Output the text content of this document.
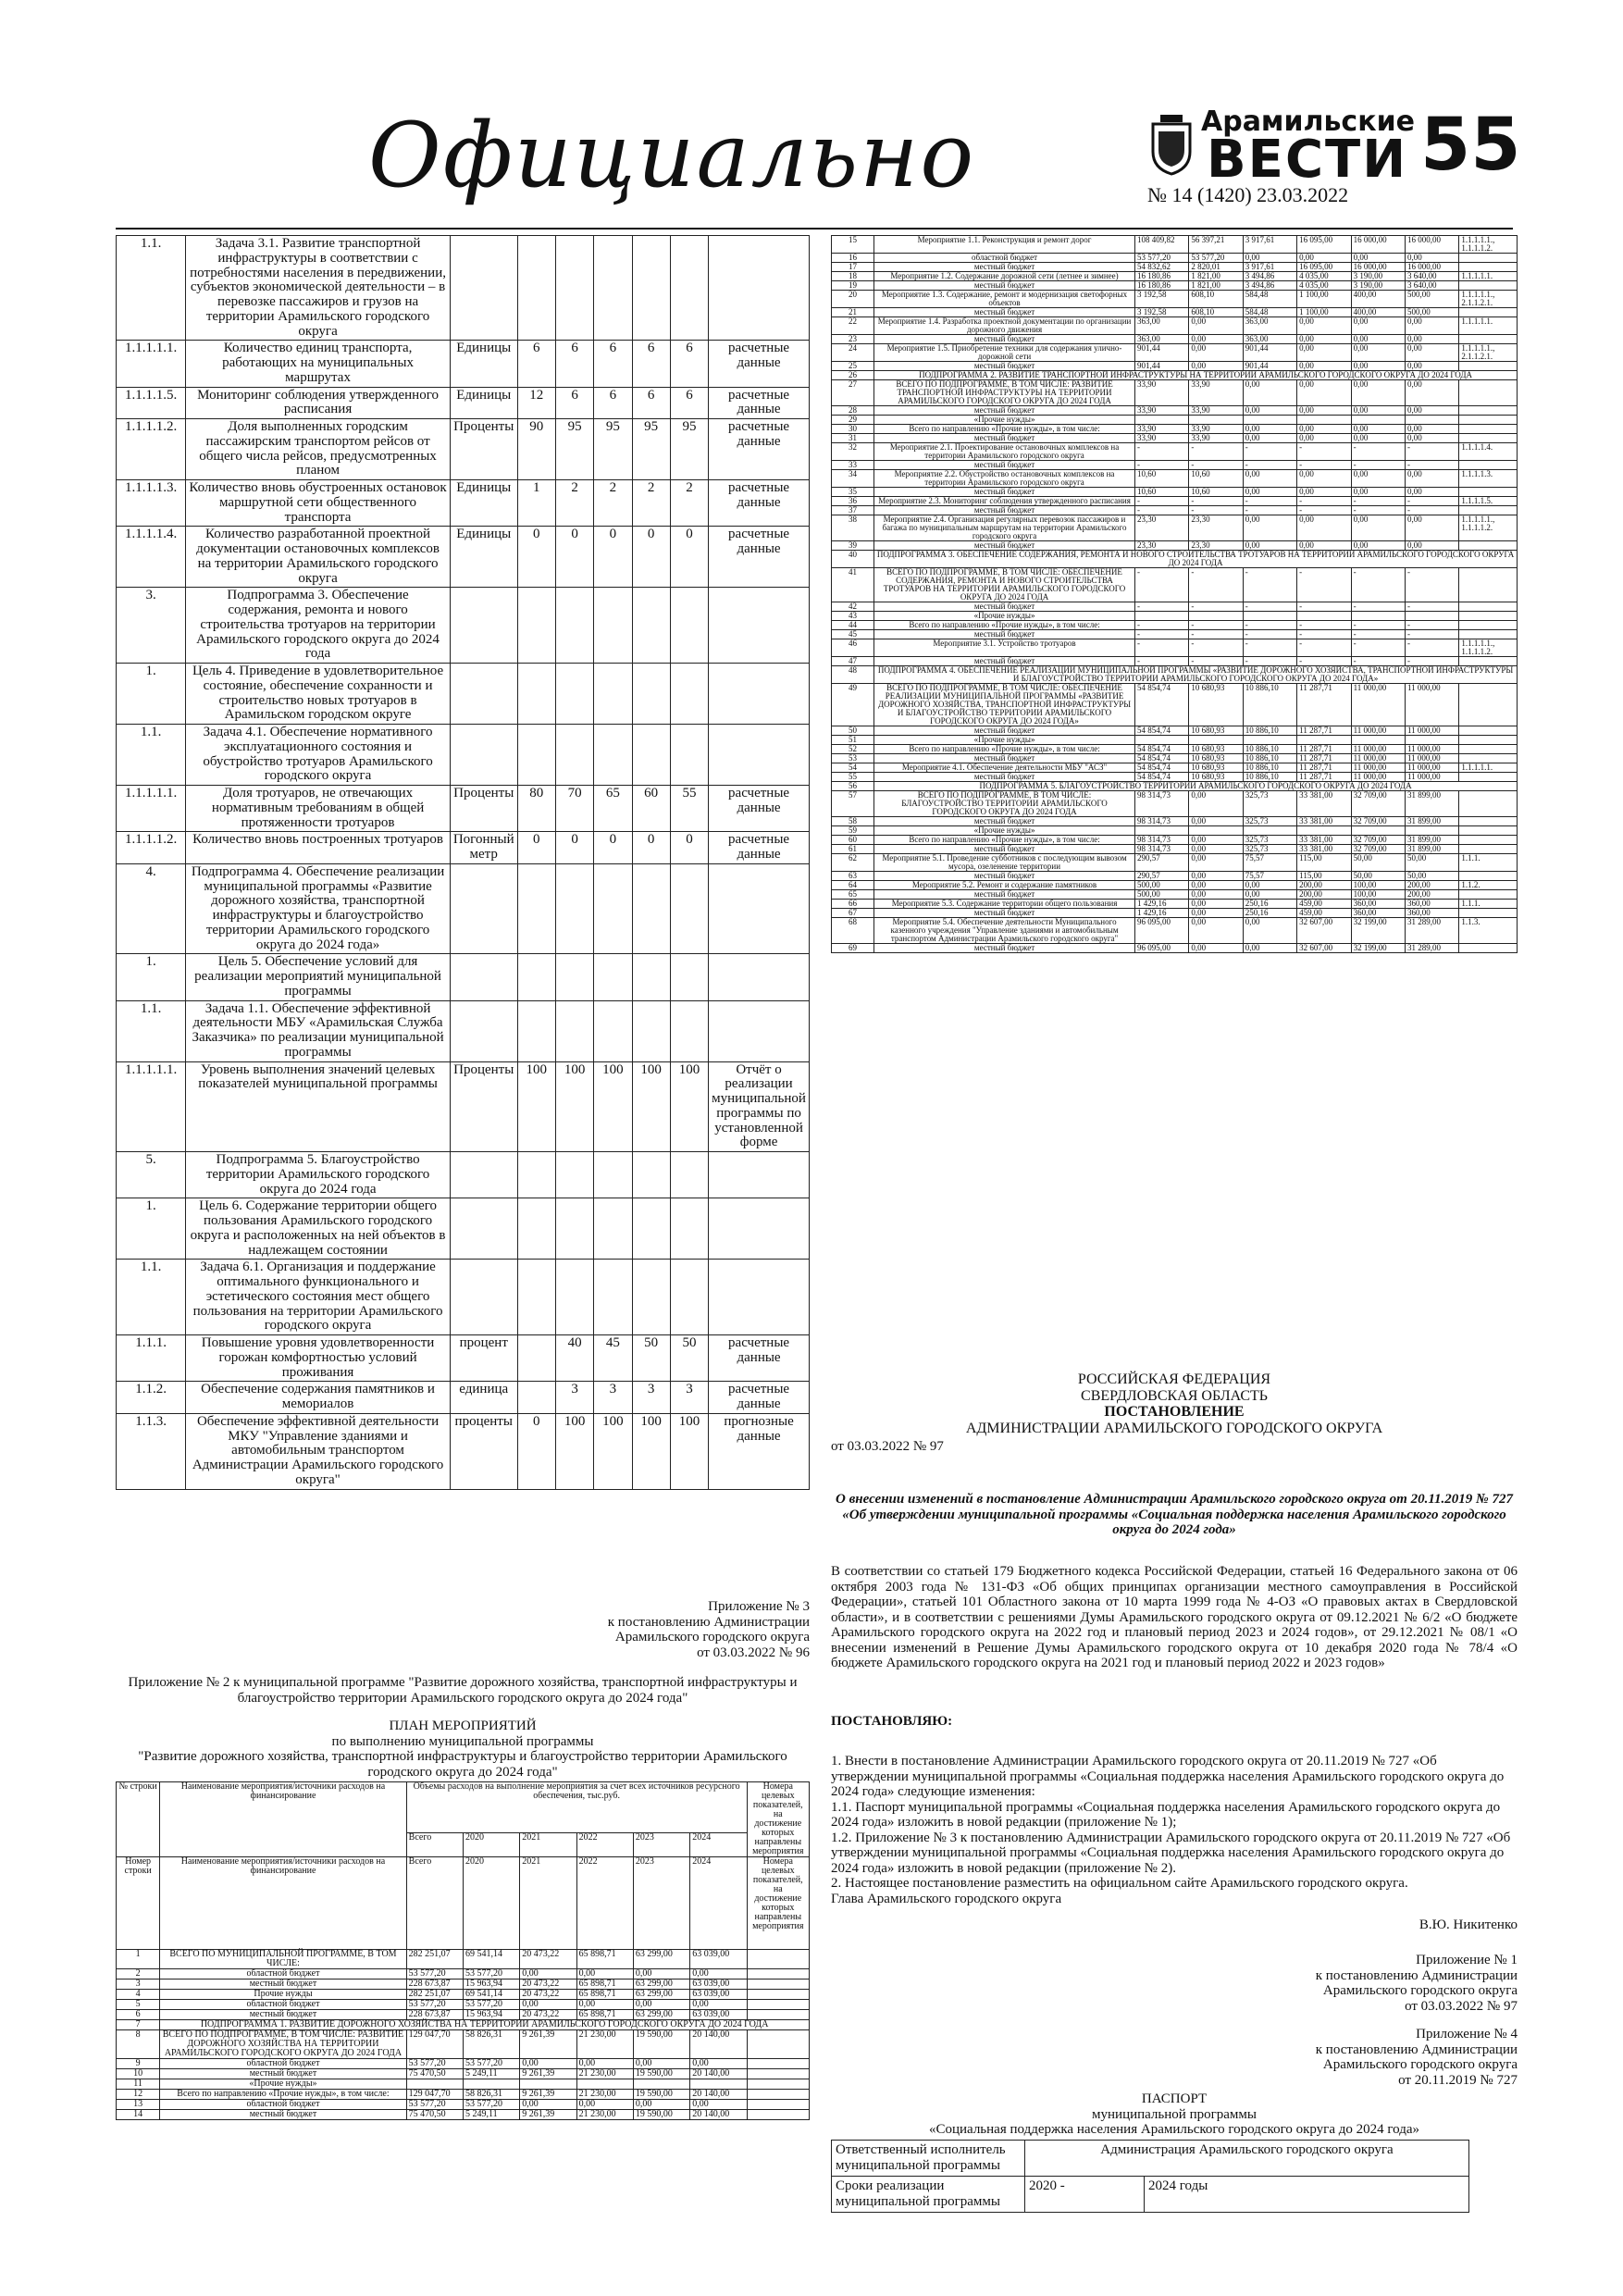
Официально	Арамильские
ВЕСТИ 55
№ 14 (1420) 23.03.2022
1.1.	Задача 3.1. Развитие транспортной инфраструктуры в соответствии с потребностями населения в передвижении, субъектов экономической деятельности – в перевозке пассажиров и грузов на территории Арамильского городского округа							
1.1.1.1.1.	Количество единиц транспорта, работающих на муниципальных маршрутах	Единицы	6	6	6	6	6	расчетные данные
1.1.1.1.5.	Мониторинг соблюдения утвержденного расписания	Единицы	12	6	6	6	6	расчетные данные
1.1.1.1.2.	Доля выполненных городским пассажирским транспортом рейсов от общего числа рейсов, предусмотренных планом	Проценты	90	95	95	95	95	расчетные данные
1.1.1.1.3.	Количество вновь обустроенных остановок маршрутной сети общественного транспорта	Единицы	1	2	2	2	2	расчетные данные
1.1.1.1.4.	Количество разработанной проектной документации остановочных комплексов на территории Арамильского городского округа	Единицы	0	0	0	0	0	расчетные данные
3.	Подпрограмма 3. Обеспечение содержания, ремонта и нового строительства тротуаров на территории Арамильского городского округа до 2024 года							
1.	Цель 4. Приведение в удовлетворительное состояние, обеспечение сохранности и строительство новых тротуаров в Арамильском городском округе							
1.1.	Задача 4.1. Обеспечение нормативного эксплуатационного состояния и обустройство тротуаров Арамильского городского округа							
1.1.1.1.1.	Доля тротуаров, не отвечающих нормативным требованиям в общей протяженности тротуаров	Проценты	80	70	65	60	55	расчетные данные
1.1.1.1.2.	Количество вновь построенных тротуаров	Погонный метр	0	0	0	0	0	расчетные данные
4.	Подпрограмма 4. Обеспечение реализации муниципальной программы «Развитие дорожного хозяйства, транспортной инфраструктуры и благоустройство территории Арамильского городского округа до 2024 года»							
1.	Цель 5. Обеспечение условий для реализации мероприятий муниципальной программы							
1.1.	Задача 1.1. Обеспечение эффективной деятельности МБУ «Арамильская Служба Заказчика» по реализации муниципальной программы							
1.1.1.1.1.	Уровень выполнения значений целевых показателей муниципальной программы	Проценты	100	100	100	100	100	Отчёт о реализации муниципальной программы по установленной форме
5.	Подпрограмма 5. Благоустройство территории Арамильского городского округа до 2024 года							
1.	Цель 6. Содержание территории общего пользования Арамильского городского округа и расположенных на ней объектов в надлежащем состоянии							
1.1.	Задача 6.1. Организация и поддержание оптимального функционального и эстетического состояния мест общего пользования на территории Арамильского городского округа							
1.1.1.	Повышение уровня удовлетворенности горожан комфортностью условий проживания	процент		40	45	50	50	расчетные данные
1.1.2.	Обеспечение содержания памятников и мемориалов	единица		3	3	3	3	расчетные данные
1.1.3.	Обеспечение эффективной деятельности МКУ "Управление зданиями и автомобильным транспортом Администрации Арамильского городского округа"	проценты	0	100	100	100	100	прогнозные данные
15	Мероприятие 1.1. Реконструкция и ремонт дорог	108 409,82	56 397,21	3 917,61	16 095,00	16 000,00	16 000,00	1.1.1.1.1., 1.1.1.1.2.
16	областной бюджет	53 577,20	53 577,20	0,00	0,00	0,00	0,00	
17	местный бюджет	54 832,62	2 820,01	3 917,61	16 095,00	16 000,00	16 000,00	
18	Мероприятие 1.2. Содержание дорожной сети (летнее и зимнее)	16 180,86	1 821,00	3 494,86	4 035,00	3 190,00	3 640,00	1.1.1.1.1.
19	местный бюджет	16 180,86	1 821,00	3 494,86	4 035,00	3 190,00	3 640,00	
20	Мероприятие 1.3. Содержание, ремонт и модернизация светофорных объектов	3 192,58	608,10	584,48	1 100,00	400,00	500,00	1.1.1.1.1., 2.1.1.2.1.
21	местный бюджет	3 192,58	608,10	584,48	1 100,00	400,00	500,00	
22	Мероприятие 1.4. Разработка проектной документации по организации дорожного движения	363,00	0,00	363,00	0,00	0,00	0,00	1.1.1.1.1.
23	местный бюджет	363,00	0,00	363,00	0,00	0,00	0,00	
24	Мероприятие 1.5. Приобретение техники для содержания улично-дорожной сети	901,44	0,00	901,44	0,00	0,00	0,00	1.1.1.1.1., 2.1.1.2.1.
25	местный бюджет	901,44	0,00	901,44	0,00	0,00	0,00	
26	ПОДПРОГРАММА 2. РАЗВИТИЕ ТРАНСПОРТНОЙ ИНФРАСТРУКТУРЫ НА ТЕРРИТОРИИ АРАМИЛЬСКОГО ГОРОДСКОГО ОКРУГА ДО 2024 ГОДА							
27	ВСЕГО ПО ПОДПРОГРАММЕ, В ТОМ ЧИСЛЕ: РАЗВИТИЕ ТРАНСПОРТНОЙ ИНФРАСТРУКТУРЫ НА ТЕРРИТОРИИ АРАМИЛЬСКОГО ГОРОДСКОГО ОКРУГА ДО 2024 ГОДА	33,90	33,90	0,00	0,00	0,00	0,00	
28	местный бюджет	33,90	33,90	0,00	0,00	0,00	0,00	
29	«Прочие нужды»							
30	Всего по направлению «Прочие нужды», в том числе:	33,90	33,90	0,00	0,00	0,00	0,00	
31	местный бюджет	33,90	33,90	0,00	0,00	0,00	0,00	
32	Мероприятие 2.1. Проектирование остановочных комплексов на территории Арамильского городского округа	-	-	-	-	-	-	1.1.1.1.4.
33	местный бюджет	-	-	-	-	-	-	
34	Мероприятие 2.2. Обустройство остановочных комплексов на территории Арамильского городского округа	10,60	10,60	0,00	0,00	0,00	0,00	1.1.1.1.3.
35	местный бюджет	10,60	10,60	0,00	0,00	0,00	0,00	
36	Мероприятие 2.3. Мониторинг соблюдения утвержденного расписания	-	-	-	-	-	-	1.1.1.1.5.
37	местный бюджет	-	-	-	-	-	-	
38	Мероприятие 2.4. Организация регулярных перевозок пассажиров и багажа по муниципальным маршрутам на территории Арамильского городского округа	23,30	23,30	0,00	0,00	0,00	0,00	1.1.1.1.1., 1.1.1.1.2.
39	местный бюджет	23,30	23,30	0,00	0,00	0,00	0,00	
40	ПОДПРОГРАММА 3. ОБЕСПЕЧЕНИЕ СОДЕРЖАНИЯ, РЕМОНТА И НОВОГО СТРОИТЕЛЬСТВА ТРОТУАРОВ НА ТЕРРИТОРИИ АРАМИЛЬСКОГО ГОРОДСКОГО ОКРУГА ДО 2024 ГОДА							
41	ВСЕГО ПО ПОДПРОГРАММЕ, В ТОМ ЧИСЛЕ: ОБЕСПЕЧЕНИЕ СОДЕРЖАНИЯ, РЕМОНТА И НОВОГО СТРОИТЕЛЬСТВА ТРОТУАРОВ НА ТЕРРИТОРИИ АРАМИЛЬСКОГО ГОРОДСКОГО ОКРУГА ДО 2024 ГОДА	-	-	-	-	-	-	
42	местный бюджет	-	-	-	-	-	-	
43	«Прочие нужды»							
44	Всего по направлению «Прочие нужды», в том числе:	-	-	-	-	-	-	
45	местный бюджет	-	-	-	-	-	-	
46	Мероприятие 3.1. Устройство тротуаров	-	-	-	-	-	-	1.1.1.1.1., 1.1.1.1.2.
47	местный бюджет	-	-	-	-	-	-	
48	ПОДПРОГРАММА 4. ОБЕСПЕЧЕНИЕ РЕАЛИЗАЦИИ МУНИЦИПАЛЬНОЙ ПРОГРАММЫ «РАЗВИТИЕ ДОРОЖНОГО ХОЗЯЙСТВА, ТРАНСПОРТНОЙ ИНФРАСТРУКТУРЫ И БЛАГОУСТРОЙСТВО ТЕРРИТОРИИ АРАМИЛЬСКОГО ГОРОДСКОГО ОКРУГА ДО 2024 ГОДА»							
49	ВСЕГО ПО ПОДПРОГРАММЕ, В ТОМ ЧИСЛЕ: ОБЕСПЕЧЕНИЕ РЕАЛИЗАЦИИ МУНИЦИПАЛЬНОЙ ПРОГРАММЫ «РАЗВИТИЕ ДОРОЖНОГО ХОЗЯЙСТВА, ТРАНСПОРТНОЙ ИНФРАСТРУКТУРЫ И БЛАГОУСТРОЙСТВО ТЕРРИТОРИИ АРАМИЛЬСКОГО ГОРОДСКОГО ОКРУГА ДО 2024 ГОДА»	54 854,74	10 680,93	10 886,10	11 287,71	11 000,00	11 000,00	
50	местный бюджет	54 854,74	10 680,93	10 886,10	11 287,71	11 000,00	11 000,00	
51	«Прочие нужды»							
52	Всего по направлению «Прочие нужды», в том числе:	54 854,74	10 680,93	10 886,10	11 287,71	11 000,00	11 000,00	
53	местный бюджет	54 854,74	10 680,93	10 886,10	11 287,71	11 000,00	11 000,00	
54	Мероприятие 4.1. Обеспечение деятельности МБУ "АСЗ"	54 854,74	10 680,93	10 886,10	11 287,71	11 000,00	11 000,00	1.1.1.1.1.
55	местный бюджет	54 854,74	10 680,93	10 886,10	11 287,71	11 000,00	11 000,00	
56	ПОДПРОГРАММА 5. БЛАГОУСТРОЙСТВО ТЕРРИТОРИИ АРАМИЛЬСКОГО ГОРОДСКОГО ОКРУГА ДО 2024 ГОДА							
57	ВСЕГО ПО ПОДПРОГРАММЕ, В ТОМ ЧИСЛЕ: БЛАГОУСТРОЙСТВО ТЕРРИТОРИИ АРАМИЛЬСКОГО ГОРОДСКОГО ОКРУГА ДО 2024 ГОДА	98 314,73	0,00	325,73	33 381,00	32 709,00	31 899,00	
58	местный бюджет	98 314,73	0,00	325,73	33 381,00	32 709,00	31 899,00	
59	«Прочие нужды»							
60	Всего по направлению «Прочие нужды», в том числе:	98 314,73	0,00	325,73	33 381,00	32 709,00	31 899,00	
61	местный бюджет	98 314,73	0,00	325,73	33 381,00	32 709,00	31 899,00	
62	Мероприятие 5.1. Проведение субботников с последующим вывозом мусора, озеленение территории	290,57	0,00	75,57	115,00	50,00	50,00	1.1.1.
63	местный бюджет	290,57	0,00	75,57	115,00	50,00	50,00	
64	Мероприятие 5.2. Ремонт и содержание памятников	500,00	0,00	0,00	200,00	100,00	200,00	1.1.2.
65	местный бюджет	500,00	0,00	0,00	200,00	100,00	200,00	
66	Мероприятие 5.3. Содержание территории общего пользования	1 429,16	0,00	250,16	459,00	360,00	360,00	1.1.1.
67	местный бюджет	1 429,16	0,00	250,16	459,00	360,00	360,00	
68	Мероприятие 5.4. Обеспечение деятельности Муниципального казенного учреждения "Управление зданиями и автомобильным транспортом Администрации Арамильского городского округа"	96 095,00	0,00	0,00	32 607,00	32 199,00	31 289,00	1.1.3.
69	местный бюджет	96 095,00	0,00	0,00	32 607,00	32 199,00	31 289,00	
Приложение № 3
к постановлению Администрации
Арамильского городского округа
от 03.03.2022 № 96
Приложение № 2 к муниципальной программе "Развитие дорожного хозяйства, транспортной инфраструктуры и благоустройство территории Арамильского городского округа до 2024 года"
ПЛАН МЕРОПРИЯТИЙ
по выполнению муниципальной программы
"Развитие дорожного хозяйства, транспортной инфраструктуры и благоустройство территории Арамильского городского округа до 2024 года"
№ строки	Наименование мероприятия/источники расходов на финансирование	Объемы расходов на выполнение мероприятия за счет всех источников ресурсного обеспечения, тыс.руб.						Номера целевых показателей, на достижение которых направлены мероприятия
		Всего	2020	2021	2022	2023	2024	
Номер строки	Наименование мероприятия/источники расходов на финансирование	Всего	2020	2021	2022	2023	2024	Номера целевых показателей, на достижение которых направлены мероприятия
1	ВСЕГО ПО МУНИЦИПАЛЬНОЙ ПРОГРАММЕ, В ТОМ ЧИСЛЕ:	282 251,07	69 541,14	20 473,22	65 898,71	63 299,00	63 039,00	
2	областной бюджет	53 577,20	53 577,20	0,00	0,00	0,00	0,00	
3	местный бюджет	228 673,87	15 963,94	20 473,22	65 898,71	63 299,00	63 039,00	
4	Прочие нужды	282 251,07	69 541,14	20 473,22	65 898,71	63 299,00	63 039,00	
5	областной бюджет	53 577,20	53 577,20	0,00	0,00	0,00	0,00	
6	местный бюджет	228 673,87	15 963,94	20 473,22	65 898,71	63 299,00	63 039,00	
7	ПОДПРОГРАММА 1. РАЗВИТИЕ ДОРОЖНОГО ХОЗЯЙСТВА НА ТЕРРИТОРИИ АРАМИЛЬСКОГО ГОРОДСКОГО ОКРУГА ДО 2024 ГОДА							
8	ВСЕГО ПО ПОДПРОГРАММЕ, В ТОМ ЧИСЛЕ: РАЗВИТИЕ ДОРОЖНОГО ХОЗЯЙСТВА НА ТЕРРИТОРИИ АРАМИЛЬСКОГО ГОРОДСКОГО ОКРУГА ДО 2024 ГОДА	129 047,70	58 826,31	9 261,39	21 230,00	19 590,00	20 140,00	
9	областной бюджет	53 577,20	53 577,20	0,00	0,00	0,00	0,00	
10	местный бюджет	75 470,50	5 249,11	9 261,39	21 230,00	19 590,00	20 140,00	
11	«Прочие нужды»							
12	Всего по направлению «Прочие нужды», в том числе:	129 047,70	58 826,31	9 261,39	21 230,00	19 590,00	20 140,00	
13	областной бюджет	53 577,20	53 577,20	0,00	0,00	0,00	0,00	
14	местный бюджет	75 470,50	5 249,11	9 261,39	21 230,00	19 590,00	20 140,00	
РОССИЙСКАЯ ФЕДЕРАЦИЯ
СВЕРДЛОВСКАЯ ОБЛАСТЬ
ПОСТАНОВЛЕНИЕ
АДМИНИСТРАЦИИ АРАМИЛЬСКОГО ГОРОДСКОГО ОКРУГА
от 03.03.2022 № 97
О внесении изменений в постановление Администрации Арамильского городского округа от 20.11.2019 № 727 «Об утверждении муниципальной программы «Социальная поддержка населения Арамильского городского округа до 2024 года»
В соответствии со статьей 179 Бюджетного кодекса Российской Федерации, статьей 16 Федерального закона от 06 октября 2003 года № 131-ФЗ «Об общих принципах организации местного самоуправления в Российской Федерации», статьей 101 Областного закона от 10 марта 1999 года № 4-ОЗ «О правовых актах в Свердловской области», и в соответствии с решениями Думы Арамильского городского округа от 09.12.2021 № 6/2 «О бюджете Арамильского городского округа на 2022 год и плановый период 2023 и 2024 годов», от 29.12.2021 № 08/1 «О внесении изменений в Решение Думы Арамильского городского округа от 10 декабря 2020 года № 78/4 «О бюджете Арамильского городского округа на 2021 год и плановый период 2022 и 2023 годов»
ПОСТАНОВЛЯЮ:
1. Внести в постановление Администрации Арамильского городского округа от 20.11.2019 № 727 «Об утверждении муниципальной программы «Социальная поддержка населения Арамильского городского округа до 2024 года» следующие изменения:
1.1. Паспорт муниципальной программы «Социальная поддержка населения Арамильского городского округа до 2024 года» изложить в новой редакции (приложение № 1);
1.2. Приложение № 3 к постановлению Администрации Арамильского городского округа от 20.11.2019 № 727 «Об утверждении муниципальной программы «Социальная поддержка населения Арамильского городского округа до 2024 года» изложить в новой редакции (приложение № 2).
2. Настоящее постановление разместить на официальном сайте Арамильского городского округа.
Глава Арамильского городского округа
В.Ю. Никитенко
Приложение № 1
к постановлению Администрации
Арамильского городского округа
от 03.03.2022 № 97
Приложение № 4
к постановлению Администрации
Арамильского городского округа
от 20.11.2019 № 727
ПАСПОРТ
муниципальной программы
«Социальная поддержка населения Арамильского городского округа до 2024 года»
Ответственный исполнитель муниципальной программы	Администрация Арамильского городского округа	
Сроки реализации муниципальной программы	2020 -	2024 годы
